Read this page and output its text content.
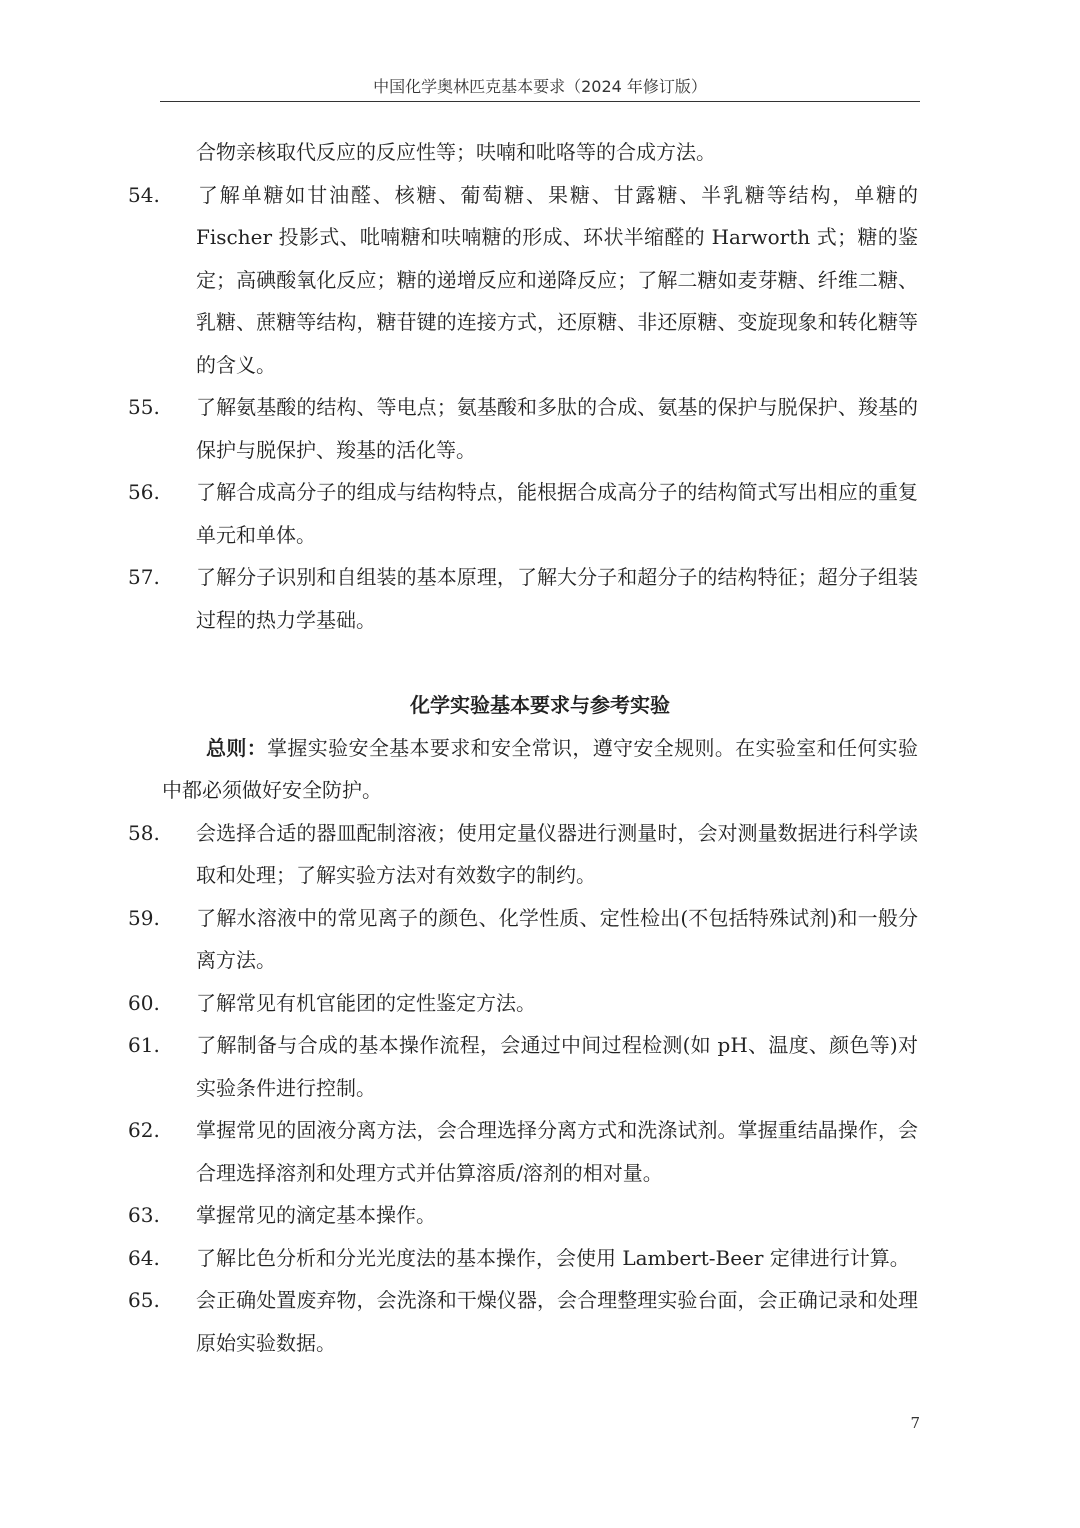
中国化学奥林匹克基本要求（2024 年修订版）

合物亲核取代反应的反应性等；呋喃和吡咯等的合成方法。

54. 了解单糖如甘油醛、核糖、葡萄糖、果糖、甘露糖、半乳糖等结构，单糖的Fischer 投影式、吡喃糖和呋喃糖的形成、环状半缩醛的 Harworth 式；糖的鉴定；高碘酸氧化反应；糖的递增反应和递降反应；了解二糖如麦芽糖、纤维二糖、乳糖、蔗糖等结构，糖苷键的连接方式，还原糖、非还原糖、变旋现象和转化糖等的含义。

55. 了解氨基酸的结构、等电点；氨基酸和多肽的合成、氨基的保护与脱保护、羧基的保护与脱保护、羧基的活化等。

56. 了解合成高分子的组成与结构特点，能根据合成高分子的结构简式写出相应的重复单元和单体。

57. 了解分子识别和自组装的基本原理，了解大分子和超分子的结构特征；超分子组装过程的热力学基础。

化学实验基本要求与参考实验

总则：掌握实验安全基本要求和安全常识，遵守安全规则。在实验室和任何实验中都必须做好安全防护。

58. 会选择合适的器皿配制溶液；使用定量仪器进行测量时，会对测量数据进行科学读取和处理；了解实验方法对有效数字的制约。

59. 了解水溶液中的常见离子的颜色、化学性质、定性检出(不包括特殊试剂)和一般分离方法。

60. 了解常见有机官能团的定性鉴定方法。

61. 了解制备与合成的基本操作流程，会通过中间过程检测(如 pH、温度、颜色等)对实验条件进行控制。

62. 掌握常见的固液分离方法，会合理选择分离方式和洗涤试剂。掌握重结晶操作，会合理选择溶剂和处理方式并估算溶质/溶剂的相对量。

63. 掌握常见的滴定基本操作。

64. 了解比色分析和分光光度法的基本操作，会使用 Lambert-Beer 定律进行计算。

65. 会正确处置废弃物，会洗涤和干燥仪器，会合理整理实验台面，会正确记录和处理原始实验数据。

7
